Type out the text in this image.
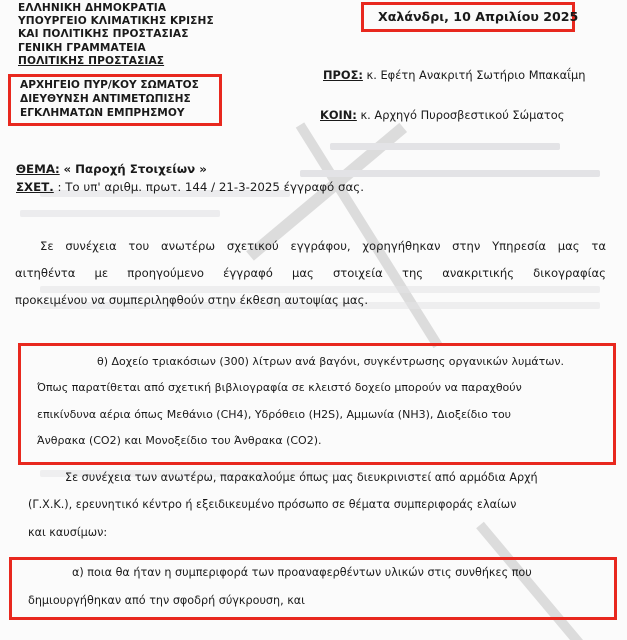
ΕΛΛΗΝΙΚΗ ΔΗΜΟΚΡΑΤΙΑ
ΥΠΟΥΡΓΕΙΟ ΚΛΙΜΑΤΙΚΗΣ ΚΡΙΣΗΣ
ΚΑΙ ΠΟΛΙΤΙΚΗΣ ΠΡΟΣΤΑΣΙΑΣ
ΓΕΝΙΚΗ ΓΡΑΜΜΑΤΕΙΑ
ΠΟΛΙΤΙΚΗΣ ΠΡΟΣΤΑΣΙΑΣ
ΑΡΧΗΓΕΙΟ ΠΥΡ/ΚΟΥ ΣΩΜΑΤΟΣ
ΔΙΕΥΘΥΝΣΗ ΑΝΤΙΜΕΤΩΠΙΣΗΣ
ΕΓΚΛΗΜΑΤΩΝ ΕΜΠΡΗΣΜΟΥ
Χαλάνδρι, 10 Απριλίου 2025
ΠΡΟΣ: κ. Εφέτη Ανακριτή Σωτήριο Μπακαΐμη
ΚΟΙΝ: κ. Αρχηγό Πυροσβεστικού Σώματος
ΘΕΜΑ: « Παροχή Στοιχείων »
ΣΧΕΤ. : Το υπ' αριθμ. πρωτ. 144 / 21-3-2025 έγγραφό σας.
Σε συνέχεια του ανωτέρω σχετικού εγγράφου, χορηγήθηκαν στην Υπηρεσία μας τα
αιτηθέντα με προηγούμενο έγγραφό μας στοιχεία της ανακριτικής δικογραφίας
προκειμένου να συμπεριληφθούν στην έκθεση αυτοψίας μας.
θ) Δοχείο τριακόσιων (300) λίτρων ανά βαγόνι, συγκέντρωσης οργανικών λυμάτων.
Όπως παρατίθεται από σχετική βιβλιογραφία σε κλειστό δοχείο μπορούν να παραχθούν
επικίνδυνα αέρια όπως Μεθάνιο (CH4), Υδρόθειο (H2S), Αμμωνία (NH3), Διοξείδιο του
Άνθρακα (CO2) και Μονοξείδιο του Άνθρακα (CO2).
Σε συνέχεια των ανωτέρω, παρακαλούμε όπως μας διευκρινιστεί από αρμόδια Αρχή
(Γ.Χ.Κ.), ερευνητικό κέντρο ή εξειδικευμένο πρόσωπο σε θέματα συμπεριφοράς ελαίων
και καυσίμων:
α) ποια θα ήταν η συμπεριφορά των προαναφερθέντων υλικών στις συνθήκες που
δημιουργήθηκαν από την σφοδρή σύγκρουση, και
